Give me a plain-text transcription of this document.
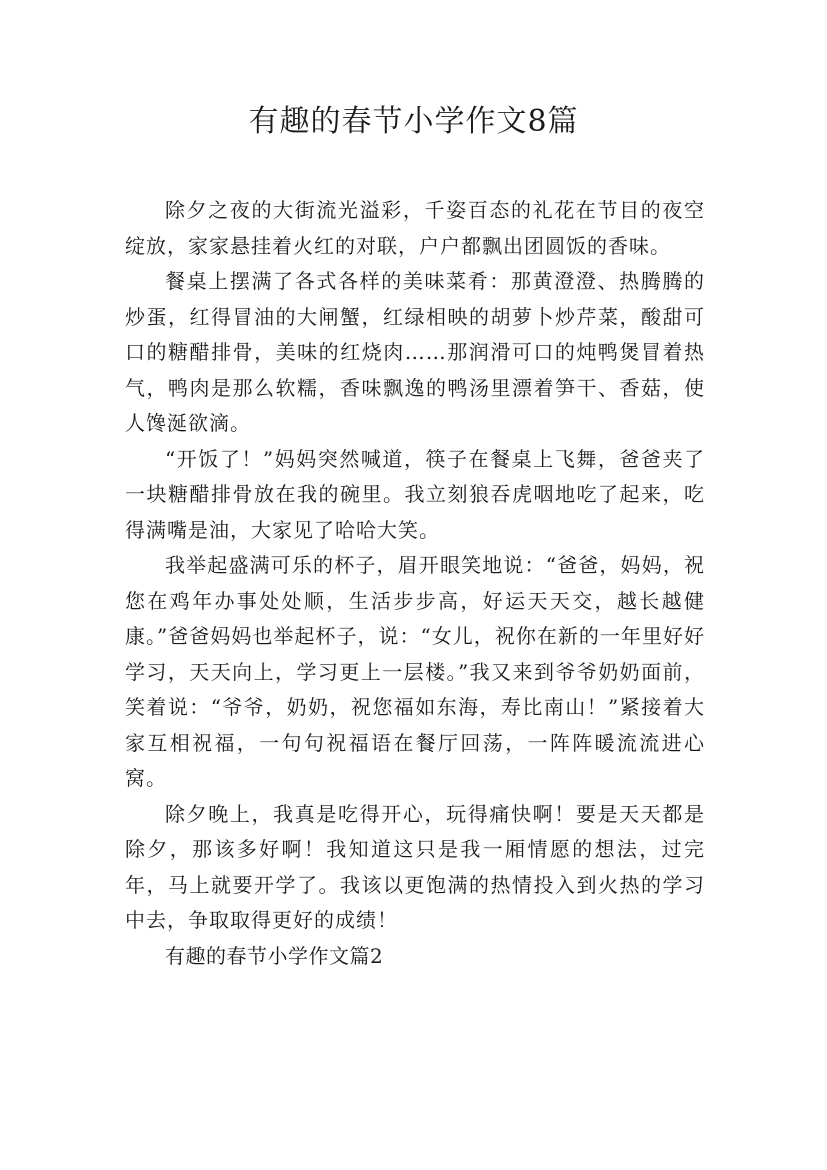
有趣的春节小学作文8篇

除夕之夜的大街流光溢彩，千姿百态的礼花在节目的夜空绽放，家家悬挂着火红的对联，户户都飘出团圆饭的香味。

餐桌上摆满了各式各样的美味菜肴：那黄澄澄、热腾腾的炒蛋，红得冒油的大闸蟹，红绿相映的胡萝卜炒芹菜，酸甜可口的糖醋排骨，美味的红烧肉……那润滑可口的炖鸭煲冒着热气，鸭肉是那么软糯，香味飘逸的鸭汤里漂着笋干、香菇，使人馋涎欲滴。

“开饭了！”妈妈突然喊道，筷子在餐桌上飞舞，爸爸夹了一块糖醋排骨放在我的碗里。我立刻狼吞虎咽地吃了起来，吃得满嘴是油，大家见了哈哈大笑。

我举起盛满可乐的杯子，眉开眼笑地说：“爸爸，妈妈，祝您在鸡年办事处处顺，生活步步高，好运天天交，越长越健康。”爸爸妈妈也举起杯子，说：“女儿，祝你在新的一年里好好学习，天天向上，学习更上一层楼。”我又来到爷爷奶奶面前，笑着说：“爷爷，奶奶，祝您福如东海，寿比南山！”紧接着大家互相祝福，一句句祝福语在餐厅回荡，一阵阵暖流流进心窝。

除夕晚上，我真是吃得开心，玩得痛快啊！要是天天都是除夕，那该多好啊！我知道这只是我一厢情愿的想法，过完年，马上就要开学了。我该以更饱满的热情投入到火热的学习中去，争取取得更好的成绩！

有趣的春节小学作文篇2
